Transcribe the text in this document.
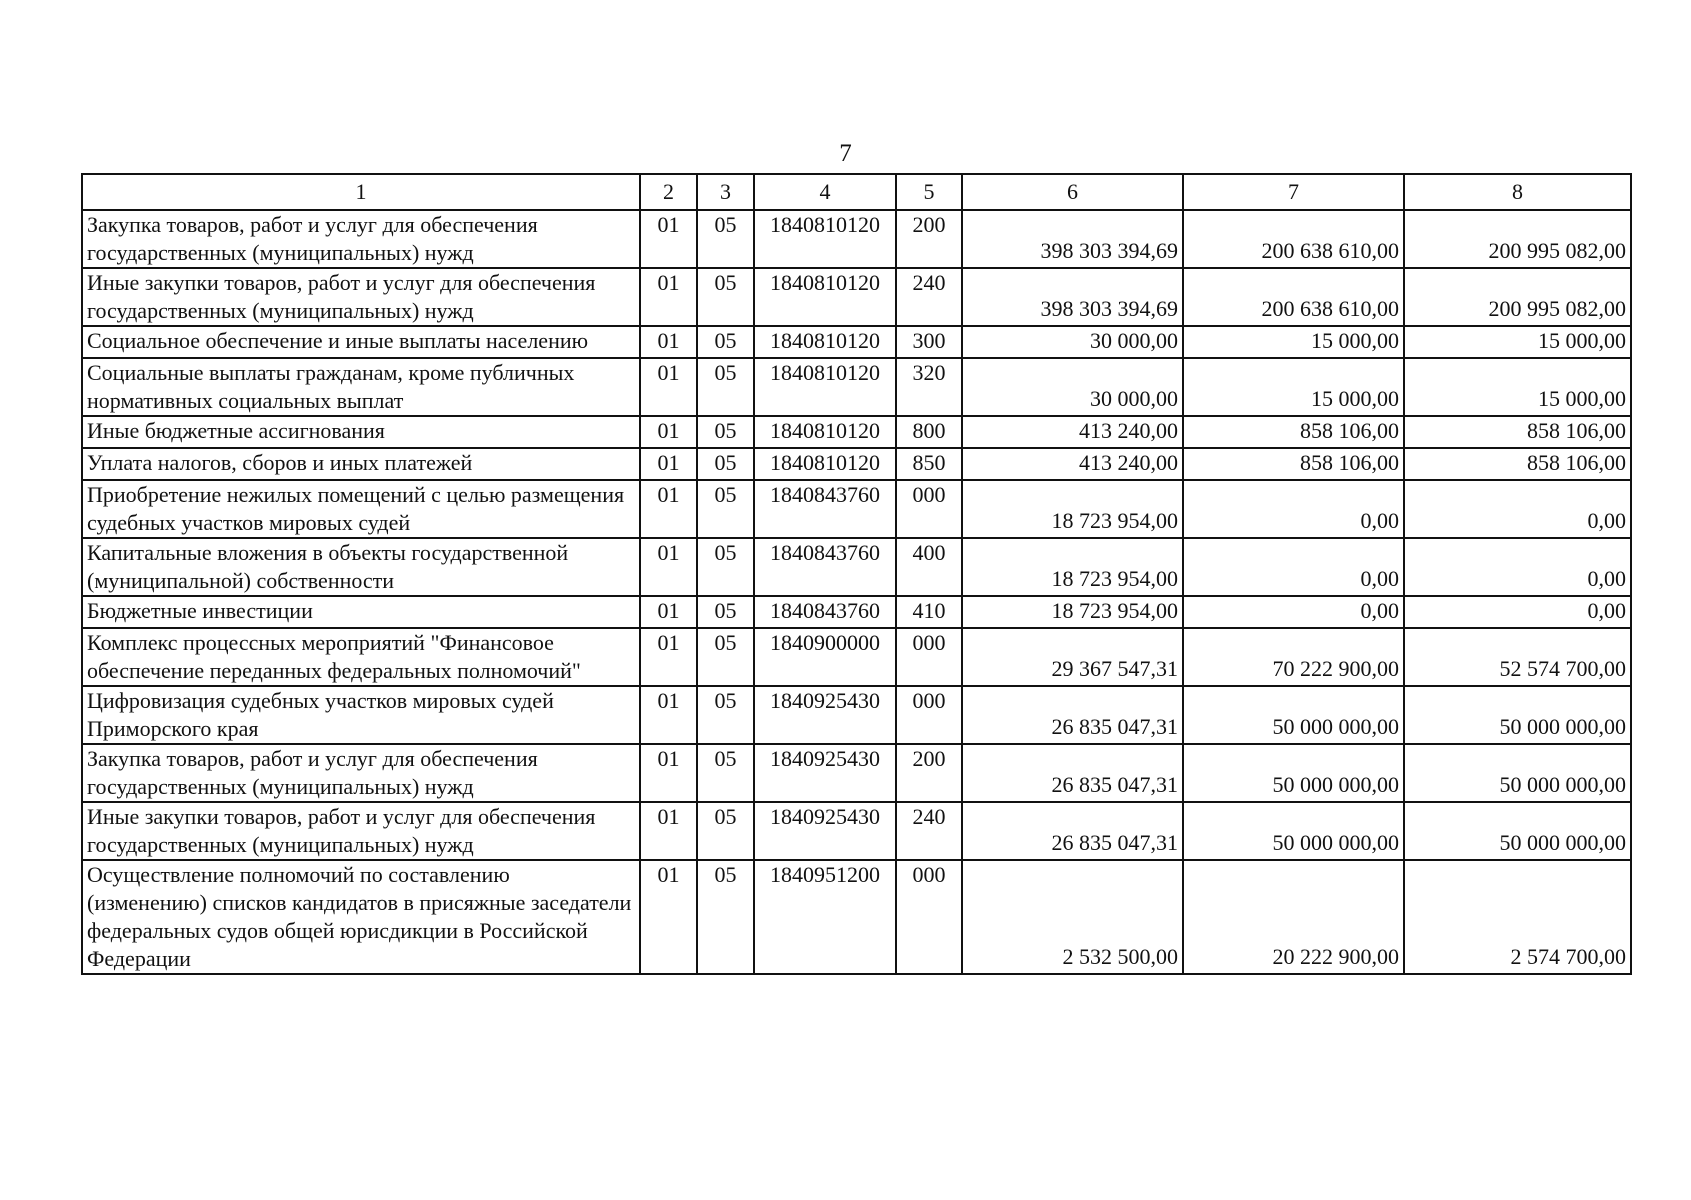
7
1	2	3	4	5	6	7	8
Закупка товаров, работ и услуг для обеспечения государственных (муниципальных) нужд	01	05	1840810120	200	398 303 394,69	200 638 610,00	200 995 082,00
Иные закупки товаров, работ и услуг для обеспечения государственных (муниципальных) нужд	01	05	1840810120	240	398 303 394,69	200 638 610,00	200 995 082,00
Социальное обеспечение и иные выплаты населению	01	05	1840810120	300	30 000,00	15 000,00	15 000,00
Социальные выплаты гражданам, кроме публичных нормативных социальных выплат	01	05	1840810120	320	30 000,00	15 000,00	15 000,00
Иные бюджетные ассигнования	01	05	1840810120	800	413 240,00	858 106,00	858 106,00
Уплата налогов, сборов и иных платежей	01	05	1840810120	850	413 240,00	858 106,00	858 106,00
Приобретение нежилых помещений с целью размещения судебных участков мировых судей	01	05	1840843760	000	18 723 954,00	0,00	0,00
Капитальные вложения в объекты государственной (муниципальной) собственности	01	05	1840843760	400	18 723 954,00	0,00	0,00
Бюджетные инвестиции	01	05	1840843760	410	18 723 954,00	0,00	0,00
Комплекс процессных мероприятий "Финансовое обеспечение переданных федеральных полномочий"	01	05	1840900000	000	29 367 547,31	70 222 900,00	52 574 700,00
Цифровизация судебных участков мировых судей Приморского края	01	05	1840925430	000	26 835 047,31	50 000 000,00	50 000 000,00
Закупка товаров, работ и услуг для обеспечения государственных (муниципальных) нужд	01	05	1840925430	200	26 835 047,31	50 000 000,00	50 000 000,00
Иные закупки товаров, работ и услуг для обеспечения государственных (муниципальных) нужд	01	05	1840925430	240	26 835 047,31	50 000 000,00	50 000 000,00
Осуществление полномочий по составлению (изменению) списков кандидатов в присяжные заседатели федеральных судов общей юрисдикции в Российской Федерации	01	05	1840951200	000	2 532 500,00	20 222 900,00	2 574 700,00
